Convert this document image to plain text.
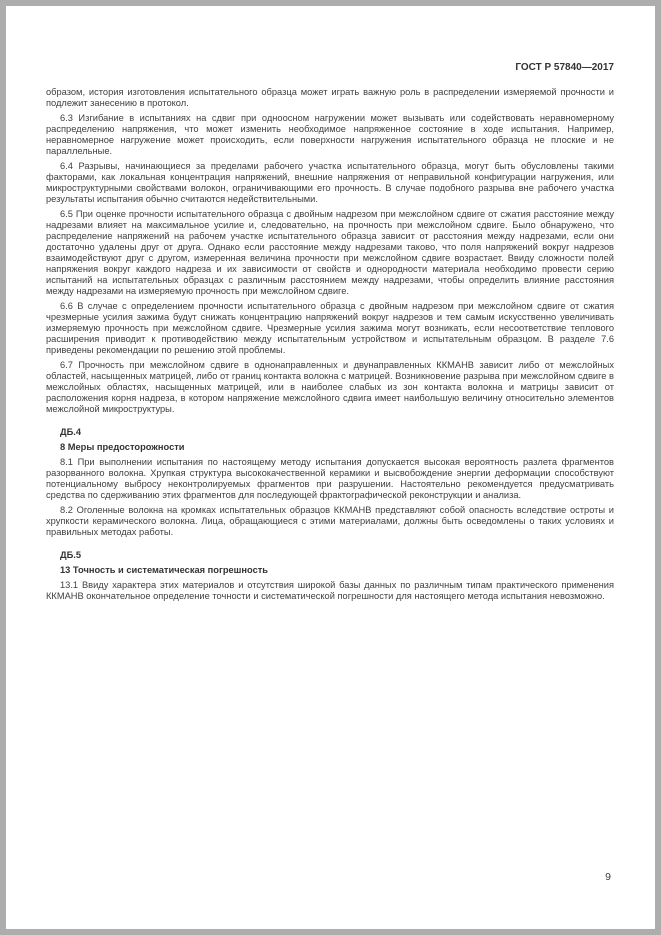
ГОСТ Р 57840—2017

образом, история изготовления испытательного образца может играть важную роль в распределении измеряемой прочности и подлежит занесению в протокол.

6.3 Изгибание в испытаниях на сдвиг при одноосном нагружении может вызывать или содействовать неравномерному распределению напряжения, что может изменить необходимое напряженное состояние в ходе испытания. Например, неравномерное нагружение может происходить, если поверхности нагружения испытательного образца не плоские и не параллельные.

6.4 Разрывы, начинающиеся за пределами рабочего участка испытательного образца, могут быть обусловлены такими факторами, как локальная концентрация напряжений, внешние напряжения от неправильной конфигурации нагружения, или микроструктурными свойствами волокон, ограничивающими его прочность. В случае подобного разрыва вне рабочего участка результаты испытания обычно считаются недействительными.

6.5 При оценке прочности испытательного образца с двойным надрезом при межслойном сдвиге от сжатия расстояние между надрезами влияет на максимальное усилие и, следовательно, на прочность при межслойном сдвиге. Было обнаружено, что распределение напряжений на рабочем участке испытательного образца зависит от расстояния между надрезами, если они достаточно удалены друг от друга. Однако если расстояние между надрезами таково, что поля напряжений вокруг надрезов взаимодействуют друг с другом, измеренная величина прочности при межслойном сдвиге возрастает. Ввиду сложности полей напряжения вокруг каждого надреза и их зависимости от свойств и однородности материала необходимо провести серию испытаний на испытательных образцах с различным расстоянием между надрезами, чтобы определить влияние расстояния между надрезами на измеряемую прочность при межслойном сдвиге.

6.6 В случае с определением прочности испытательного образца с двойным надрезом при межслойном сдвиге от сжатия чрезмерные усилия зажима будут снижать концентрацию напряжений вокруг надрезов и тем самым искусственно увеличивать измеряемую прочность при межслойном сдвиге. Чрезмерные усилия зажима могут возникать, если несоответствие теплового расширения приводит к противодействию между испытательным устройством и испытательным образцом. В разделе 7.6 приведены рекомендации по решению этой проблемы.

6.7 Прочность при межслойном сдвиге в однонаправленных и двунаправленных ККМАНВ зависит либо от межслойных областей, насыщенных матрицей, либо от границ контакта волокна с матрицей. Возникновение разрыва при межслойном сдвиге в межслойных областях, насыщенных матрицей, или в наиболее слабых из зон контакта волокна и матрицы зависит от расположения корня надреза, в котором напряжение межслойного сдвига имеет наибольшую величину относительно элементов межслойной микроструктуры.

ДБ.4

8 Меры предосторожности

8.1 При выполнении испытания по настоящему методу испытания допускается высокая вероятность разлета фрагментов разорванного волокна. Хрупкая структура высококачественной керамики и высвобождение энергии деформации способствуют потенциальному выбросу неконтролируемых фрагментов при разрушении. Настоятельно рекомендуется предусматривать средства по сдерживанию этих фрагментов для последующей фрактографической реконструкции и анализа.

8.2 Оголенные волокна на кромках испытательных образцов ККМАНВ представляют собой опасность вследствие остроты и хрупкости керамического волокна. Лица, обращающиеся с этими материалами, должны быть осведомлены о таких условиях и правильных методах работы.

ДБ.5

13 Точность и систематическая погрешность

13.1 Ввиду характера этих материалов и отсутствия широкой базы данных по различным типам практического применения ККМАНВ окончательное определение точности и систематической погрешности для настоящего метода испытания невозможно.

9
